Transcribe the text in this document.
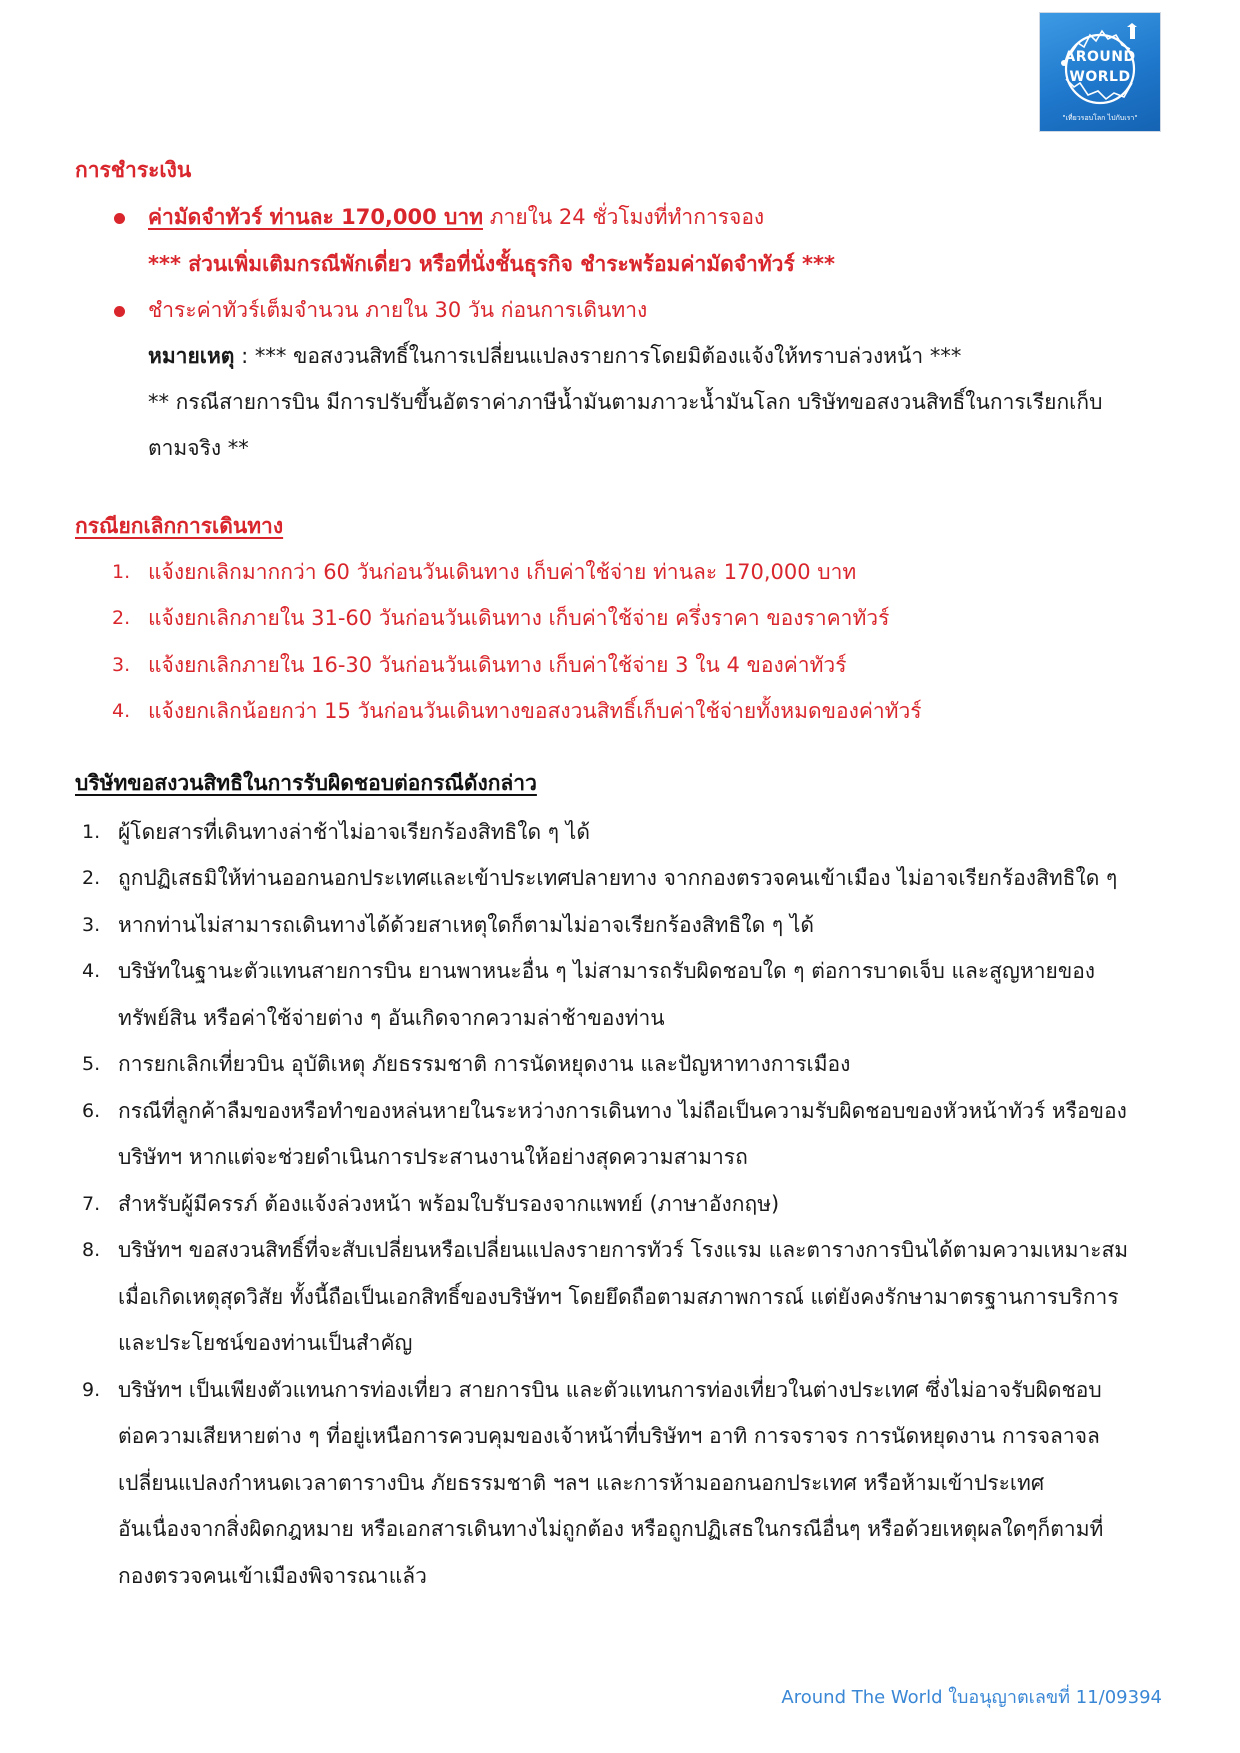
AROUND
WORLD
"เที่ยวรอบโลก ไปกับเรา"
การชำระเงิน
ค่ามัดจำทัวร์ ท่านละ 170,000 บาท ภายใน 24 ชั่วโมงที่ทำการจอง
*** ส่วนเพิ่มเติมกรณีพักเดี่ยว หรือที่นั่งชั้นธุรกิจ ชำระพร้อมค่ามัดจำทัวร์ ***
ชำระค่าทัวร์เต็มจำนวน ภายใน 30 วัน ก่อนการเดินทาง
หมายเหตุ : *** ขอสงวนสิทธิ์ในการเปลี่ยนแปลงรายการโดยมิต้องแจ้งให้ทราบล่วงหน้า ***
** กรณีสายการบิน มีการปรับขึ้นอัตราค่าภาษีน้ำมันตามภาวะน้ำมันโลก บริษัทขอสงวนสิทธิ์ในการเรียกเก็บ
ตามจริง **
กรณียกเลิกการเดินทาง
1. แจ้งยกเลิกมากกว่า 60 วันก่อนวันเดินทาง เก็บค่าใช้จ่าย ท่านละ 170,000 บาท
2. แจ้งยกเลิกภายใน 31-60 วันก่อนวันเดินทาง เก็บค่าใช้จ่าย ครึ่งราคา ของราคาทัวร์
3. แจ้งยกเลิกภายใน 16-30 วันก่อนวันเดินทาง เก็บค่าใช้จ่าย 3 ใน 4 ของค่าทัวร์
4. แจ้งยกเลิกน้อยกว่า 15 วันก่อนวันเดินทางขอสงวนสิทธิ์เก็บค่าใช้จ่ายทั้งหมดของค่าทัวร์
บริษัทขอสงวนสิทธิในการรับผิดชอบต่อกรณีดังกล่าว
1. ผู้โดยสารที่เดินทางล่าช้าไม่อาจเรียกร้องสิทธิใด ๆ ได้
2. ถูกปฏิเสธมิให้ท่านออกนอกประเทศและเข้าประเทศปลายทาง จากกองตรวจคนเข้าเมือง ไม่อาจเรียกร้องสิทธิใด ๆ
3. หากท่านไม่สามารถเดินทางได้ด้วยสาเหตุใดก็ตามไม่อาจเรียกร้องสิทธิใด ๆ ได้
4. บริษัทในฐานะตัวแทนสายการบิน ยานพาหนะอื่น ๆ ไม่สามารถรับผิดชอบใด ๆ ต่อการบาดเจ็บ และสูญหายของ
ทรัพย์สิน หรือค่าใช้จ่ายต่าง ๆ อันเกิดจากความล่าช้าของท่าน
5. การยกเลิกเที่ยวบิน อุบัติเหตุ ภัยธรรมชาติ การนัดหยุดงาน และปัญหาทางการเมือง
6. กรณีที่ลูกค้าลืมของหรือทำของหล่นหายในระหว่างการเดินทาง ไม่ถือเป็นความรับผิดชอบของหัวหน้าทัวร์ หรือของ
บริษัทฯ หากแต่จะช่วยดำเนินการประสานงานให้อย่างสุดความสามารถ
7. สำหรับผู้มีครรภ์ ต้องแจ้งล่วงหน้า พร้อมใบรับรองจากแพทย์ (ภาษาอังกฤษ)
8. บริษัทฯ ขอสงวนสิทธิ์ที่จะสับเปลี่ยนหรือเปลี่ยนแปลงรายการทัวร์ โรงแรม และตารางการบินได้ตามความเหมาะสม
เมื่อเกิดเหตุสุดวิสัย ทั้งนี้ถือเป็นเอกสิทธิ์ของบริษัทฯ โดยยึดถือตามสภาพการณ์ แต่ยังคงรักษามาตรฐานการบริการ
และประโยชน์ของท่านเป็นสำคัญ
9. บริษัทฯ เป็นเพียงตัวแทนการท่องเที่ยว สายการบิน และตัวแทนการท่องเที่ยวในต่างประเทศ ซึ่งไม่อาจรับผิดชอบ
ต่อความเสียหายต่าง ๆ ที่อยู่เหนือการควบคุมของเจ้าหน้าที่บริษัทฯ อาทิ การจราจร การนัดหยุดงาน การจลาจล
เปลี่ยนแปลงกำหนดเวลาตารางบิน ภัยธรรมชาติ ฯลฯ และการห้ามออกนอกประเทศ หรือห้ามเข้าประเทศ
อันเนื่องจากสิ่งผิดกฎหมาย หรือเอกสารเดินทางไม่ถูกต้อง หรือถูกปฏิเสธในกรณีอื่นๆ หรือด้วยเหตุผลใดๆก็ตามที่
กองตรวจคนเข้าเมืองพิจารณาแล้ว
Around The World ใบอนุญาตเลขที่ 11/09394
